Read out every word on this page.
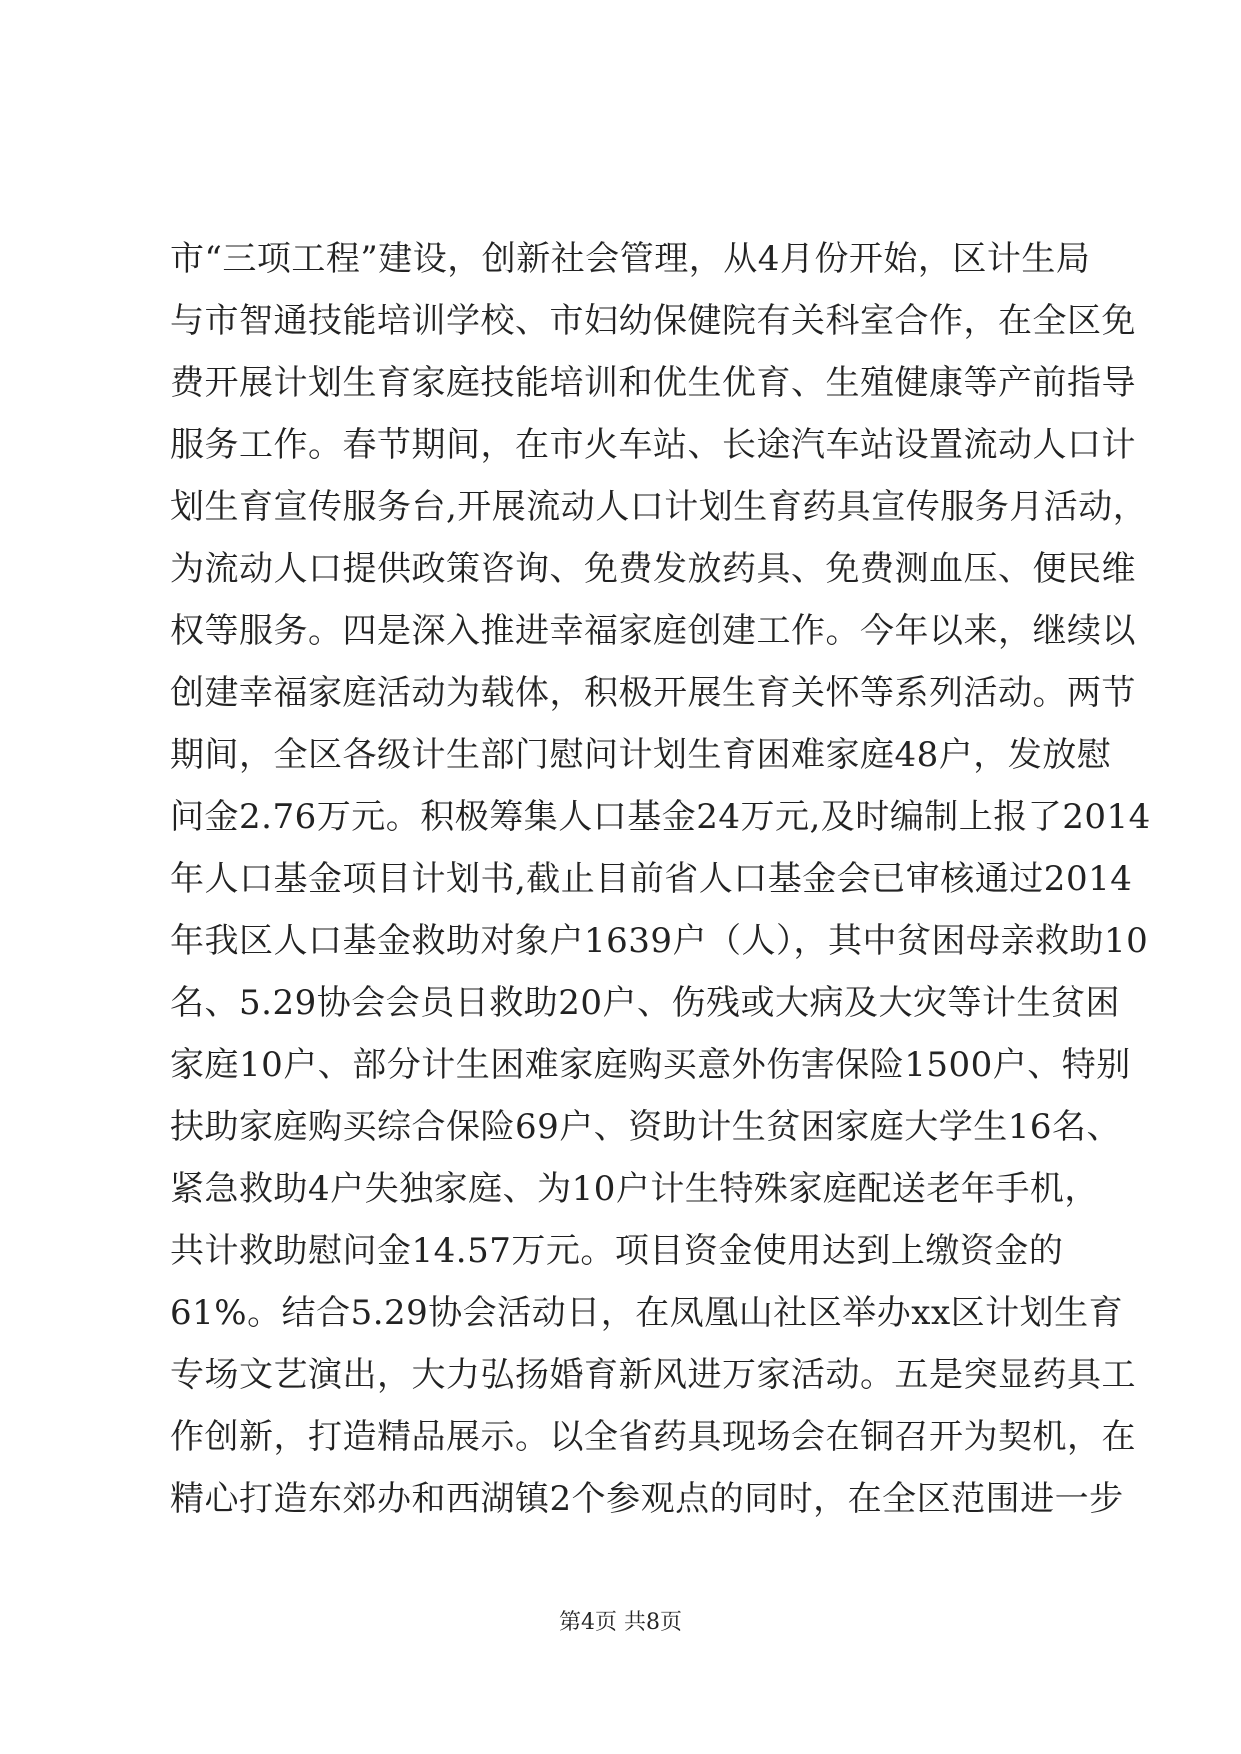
市“三项工程”建设，创新社会管理，从4月份开始，区计生局
与市智通技能培训学校、市妇幼保健院有关科室合作，在全区免
费开展计划生育家庭技能培训和优生优育、生殖健康等产前指导
服务工作。春节期间，在市火车站、长途汽车站设置流动人口计
划生育宣传服务台,开展流动人口计划生育药具宣传服务月活动，
为流动人口提供政策咨询、免费发放药具、免费测血压、便民维
权等服务。四是深入推进幸福家庭创建工作。今年以来，继续以
创建幸福家庭活动为载体，积极开展生育关怀等系列活动。两节
期间，全区各级计生部门慰问计划生育困难家庭48户，发放慰
问金2.76万元。积极筹集人口基金24万元,及时编制上报了2014
年人口基金项目计划书,截止目前省人口基金会已审核通过2014
年我区人口基金救助对象户1639户（人），其中贫困母亲救助10
名、5.29协会会员日救助20户、伤残或大病及大灾等计生贫困
家庭10户、部分计生困难家庭购买意外伤害保险1500户、特别
扶助家庭购买综合保险69户、资助计生贫困家庭大学生16名、
紧急救助4户失独家庭、为10户计生特殊家庭配送老年手机，
共计救助慰问金14.57万元。项目资金使用达到上缴资金的
61%。结合5.29协会活动日，在凤凰山社区举办xx区计划生育
专场文艺演出，大力弘扬婚育新风进万家活动。五是突显药具工
作创新，打造精品展示。以全省药具现场会在铜召开为契机，在
精心打造东郊办和西湖镇2个参观点的同时，在全区范围进一步
第4页 共8页
